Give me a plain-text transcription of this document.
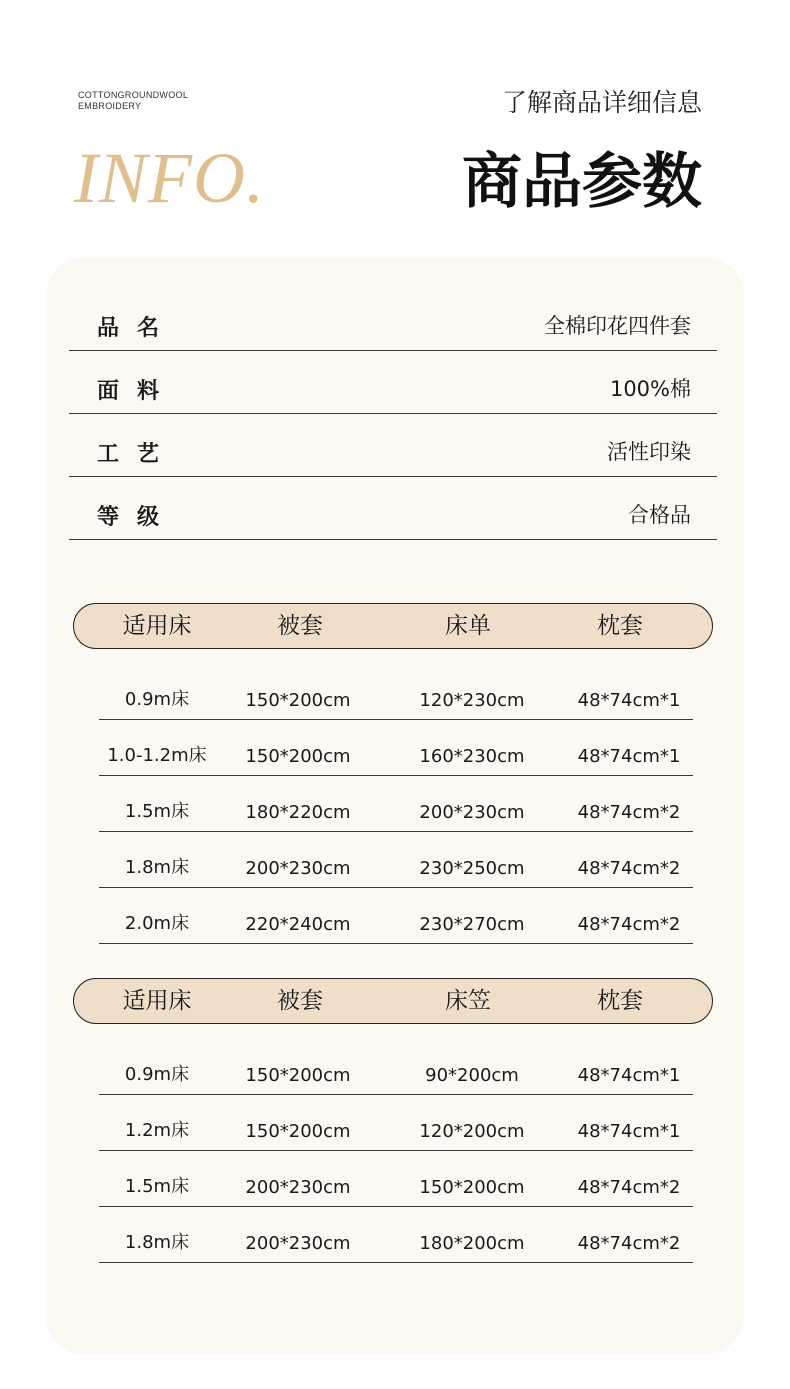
COTTONGROUNDWOOL
EMBROIDERY
INFO.
了解商品详细信息
商品参数
品名	全棉印花四件套
面料	100%棉
工艺	活性印染
等级	合格品
适用床	被套	床单	枕套
0.9m床	150*200cm	120*230cm	48*74cm*1
1.0-1.2m床 150*200cm	160*230cm	48*74cm*1
1.5m床	180*220cm	200*230cm	48*74cm*2
1.8m床	200*230cm	230*250cm	48*74cm*2
2.0m床	220*240cm	230*270cm	48*74cm*2
适用床	被套	床笠	枕套
0.9m床	150*200cm	90*200cm	48*74cm*1
1.2m床	150*200cm	120*200cm	48*74cm*1
1.5m床	200*230cm	150*200cm	48*74cm*2
1.8m床	200*230cm	180*200cm	48*74cm*2
